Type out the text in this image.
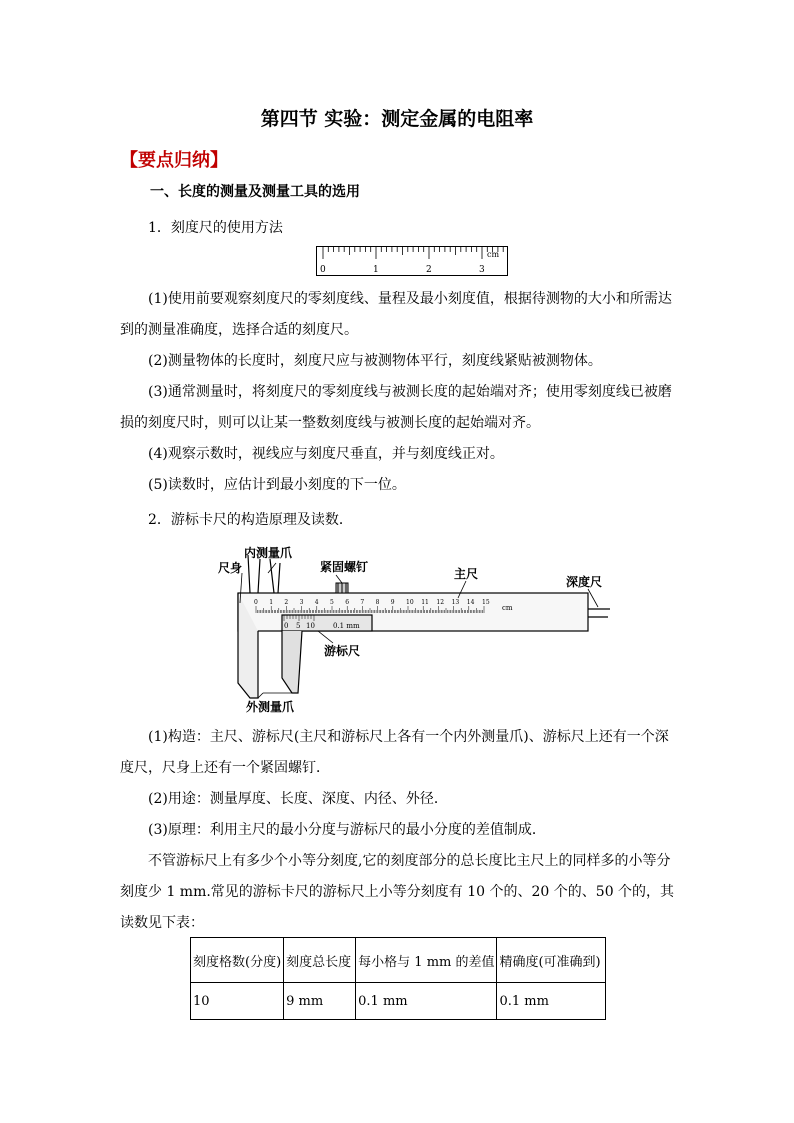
第四节 实验：测定金属的电阻率
【要点归纳】
一、长度的测量及测量工具的选用
1．刻度尺的使用方法
cm
0	1	2	3
(1)使用前要观察刻度尺的零刻度线、量程及最小刻度值，根据待测物的大小和所需达到的测量准确度，选择合适的刻度尺。
(2)测量物体的长度时，刻度尺应与被测物体平行，刻度线紧贴被测物体。
(3)通常测量时，将刻度尺的零刻度线与被测长度的起始端对齐；使用零刻度线已被磨损的刻度尺时，则可以让某一整数刻度线与被测长度的起始端对齐。
(4)观察示数时，视线应与刻度尺垂直，并与刻度线正对。
(5)读数时，应估计到最小刻度的下一位。
2．游标卡尺的构造原理及读数．
0 1 2 3 4 5 6 7 8 9 10 11 12 13 14 15
cm
0 5 10	0.1 mm
内测量爪
尺身	紧固螺钉	主尺
深度尺
游标尺
外测量爪
(1)构造：主尺、游标尺(主尺和游标尺上各有一个内外测量爪)、游标尺上还有一个深度尺，尺身上还有一个紧固螺钉．
(2)用途：测量厚度、长度、深度、内径、外径．
(3)原理：利用主尺的最小分度与游标尺的最小分度的差值制成．
不管游标尺上有多少个小等分刻度,它的刻度部分的总长度比主尺上的同样多的小等分刻度少 1 mm.常见的游标卡尺的游标尺上小等分刻度有 10 个的、20 个的、50 个的，其读数见下表：
刻度格数(分度)	刻度总长度	每小格与 1 mm 的差值	精确度(可准确到)
10	9 mm	0.1 mm	0.1 mm
